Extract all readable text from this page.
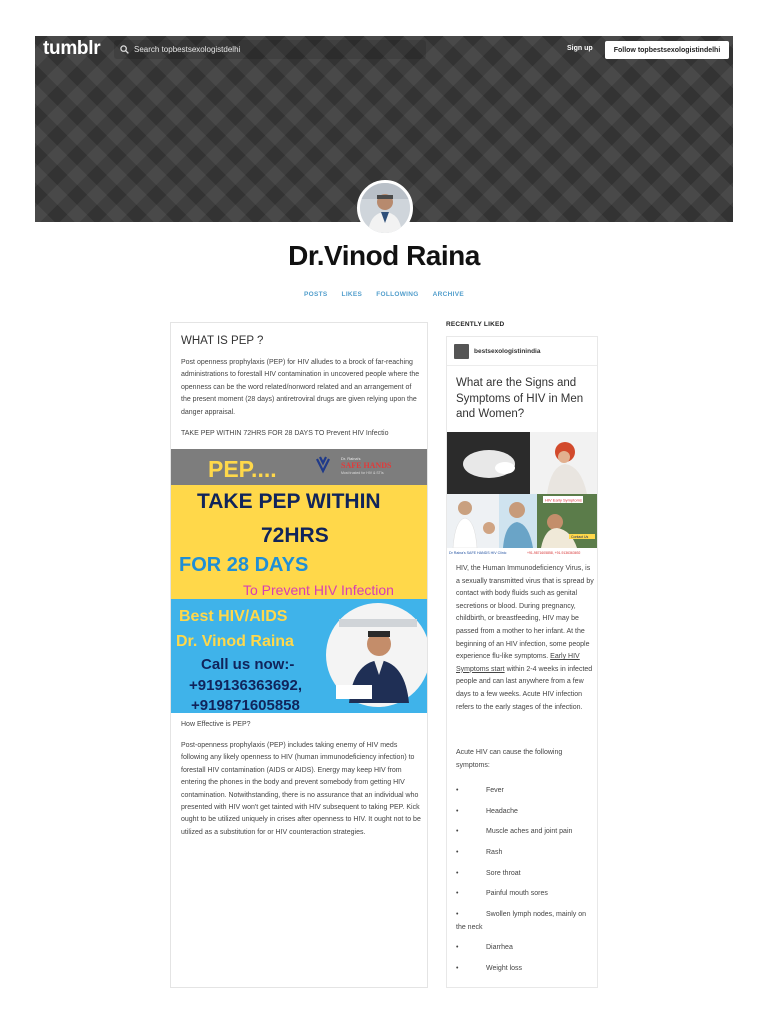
tumblr	Search topbestsexologistdelhi	Sign up	Follow topbestsexologistindelhi
Dr.Vinod Raina
POSTS LIKES FOLLOWING ARCHIVE
WHAT IS PEP ?
Post openness prophylaxis (PEP) for HIV alludes to a brock of far-reaching administrations to forestall HIV contamination in uncovered people where the openness can be the word related/nonword related and an arrangement of the present moment (28 days) antiretroviral drugs are given relying upon the danger appraisal.
TAKE PEP WITHIN 72HRS FOR 28 DAYS TO Prevent HIV Infectio
PEP....	Dr. Raina's
SAFE HANDS
Most trusted for HIV & STIs
TAKE PEP WITHIN
72HRS
FOR 28 DAYS
To Prevent HIV Infection
Best HIV/AIDS
Dr. Vinod Raina
Call us now:-
+919136363692,
+919871605858
How Effective is PEP?
Post-openness prophylaxis (PEP) includes taking enemy of HIV meds following any likely openness to HIV (human immunodeficiency infection) to forestall HIV contamination (AIDS or AIDS). Energy may keep HIV from entering the phones in the body and prevent somebody from getting HIV contamination. Notwithstanding, there is no assurance that an individual who presented with HIV won't get tainted with HIV subsequent to taking PEP. Kick ought to be utilized uniquely in crises after openness to HIV. It ought not to be utilized as a substitution for or HIV counteraction strategies.
RECENTLY LIKED
bestsexologistinindia
What are the Signs and Symptoms of HIV in Men and Women?
HIV Early Symptoms
Contact Us
Dr Raina's SAFE HANDS HIV Clinic	+91-9871605858, +91-9136363692
HIV, the Human Immunodeficiency Virus, is a sexually transmitted virus that is spread by contact with body fluids such as genital secretions or blood. During pregnancy, childbirth, or breastfeeding, HIV may be passed from a mother to her infant. At the beginning of an HIV infection, some people experience flu-like symptoms. Early HIV Symptoms start within 2-4 weeks in infected people and can last anywhere from a few days to a few weeks. Acute HIV infection refers to the early stages of the infection.
Acute HIV can cause the following symptoms:
•	Fever
•	Headache
•	Muscle aches and joint pain
•	Rash
•	Sore throat
•	Painful mouth sores
•	Swollen lymph nodes, mainly on the neck
•	Diarrhea
•	Weight loss
